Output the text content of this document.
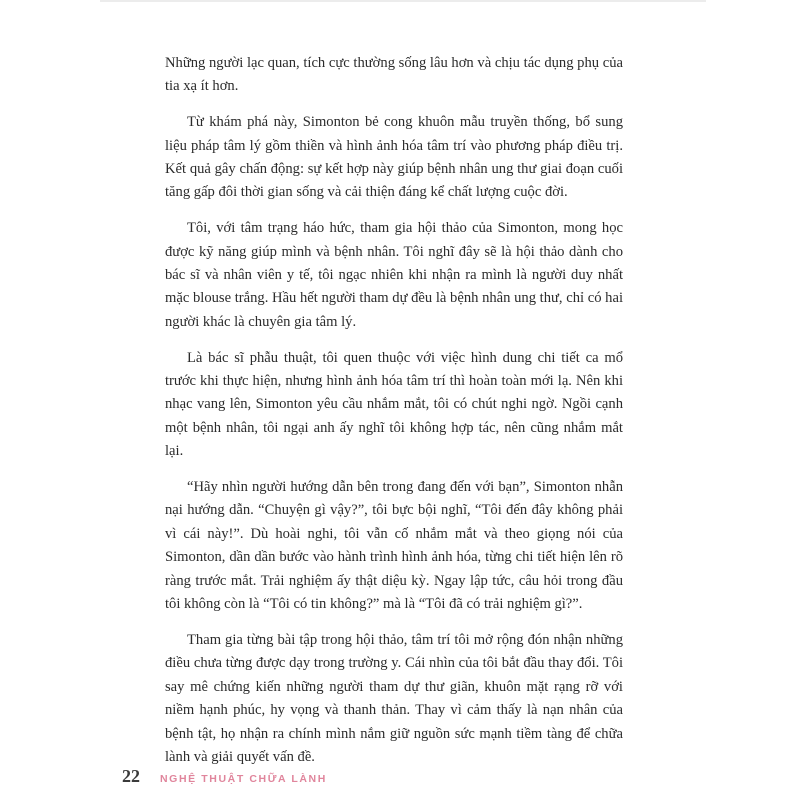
Những người lạc quan, tích cực thường sống lâu hơn và chịu tác dụng phụ của tia xạ ít hơn.

Từ khám phá này, Simonton bẻ cong khuôn mẫu truyền thống, bổ sung liệu pháp tâm lý gồm thiền và hình ảnh hóa tâm trí vào phương pháp điều trị. Kết quả gây chấn động: sự kết hợp này giúp bệnh nhân ung thư giai đoạn cuối tăng gấp đôi thời gian sống và cải thiện đáng kể chất lượng cuộc đời.

Tôi, với tâm trạng háo hức, tham gia hội thảo của Simonton, mong học được kỹ năng giúp mình và bệnh nhân. Tôi nghĩ đây sẽ là hội thảo dành cho bác sĩ và nhân viên y tế, tôi ngạc nhiên khi nhận ra mình là người duy nhất mặc blouse trắng. Hầu hết người tham dự đều là bệnh nhân ung thư, chỉ có hai người khác là chuyên gia tâm lý.

Là bác sĩ phẫu thuật, tôi quen thuộc với việc hình dung chi tiết ca mổ trước khi thực hiện, nhưng hình ảnh hóa tâm trí thì hoàn toàn mới lạ. Nên khi nhạc vang lên, Simonton yêu cầu nhắm mắt, tôi có chút nghi ngờ. Ngồi cạnh một bệnh nhân, tôi ngại anh ấy nghĩ tôi không hợp tác, nên cũng nhắm mắt lại.

“Hãy nhìn người hướng dẫn bên trong đang đến với bạn”, Simonton nhẫn nại hướng dẫn. “Chuyện gì vậy?”, tôi bực bội nghĩ, “Tôi đến đây không phải vì cái này!”. Dù hoài nghi, tôi vẫn cố nhắm mắt và theo giọng nói của Simonton, dần dần bước vào hành trình hình ảnh hóa, từng chi tiết hiện lên rõ ràng trước mắt. Trải nghiệm ấy thật diệu kỳ. Ngay lập tức, câu hỏi trong đầu tôi không còn là “Tôi có tin không?” mà là “Tôi đã có trải nghiệm gì?”.

Tham gia từng bài tập trong hội thảo, tâm trí tôi mở rộng đón nhận những điều chưa từng được dạy trong trường y. Cái nhìn của tôi bắt đầu thay đổi. Tôi say mê chứng kiến những người tham dự thư giãn, khuôn mặt rạng rỡ với niềm hạnh phúc, hy vọng và thanh thản. Thay vì cảm thấy là nạn nhân của bệnh tật, họ nhận ra chính mình nắm giữ nguồn sức mạnh tiềm tàng để chữa lành và giải quyết vấn đề.

22 NGHỆ THUẬT CHỮA LÀNH
